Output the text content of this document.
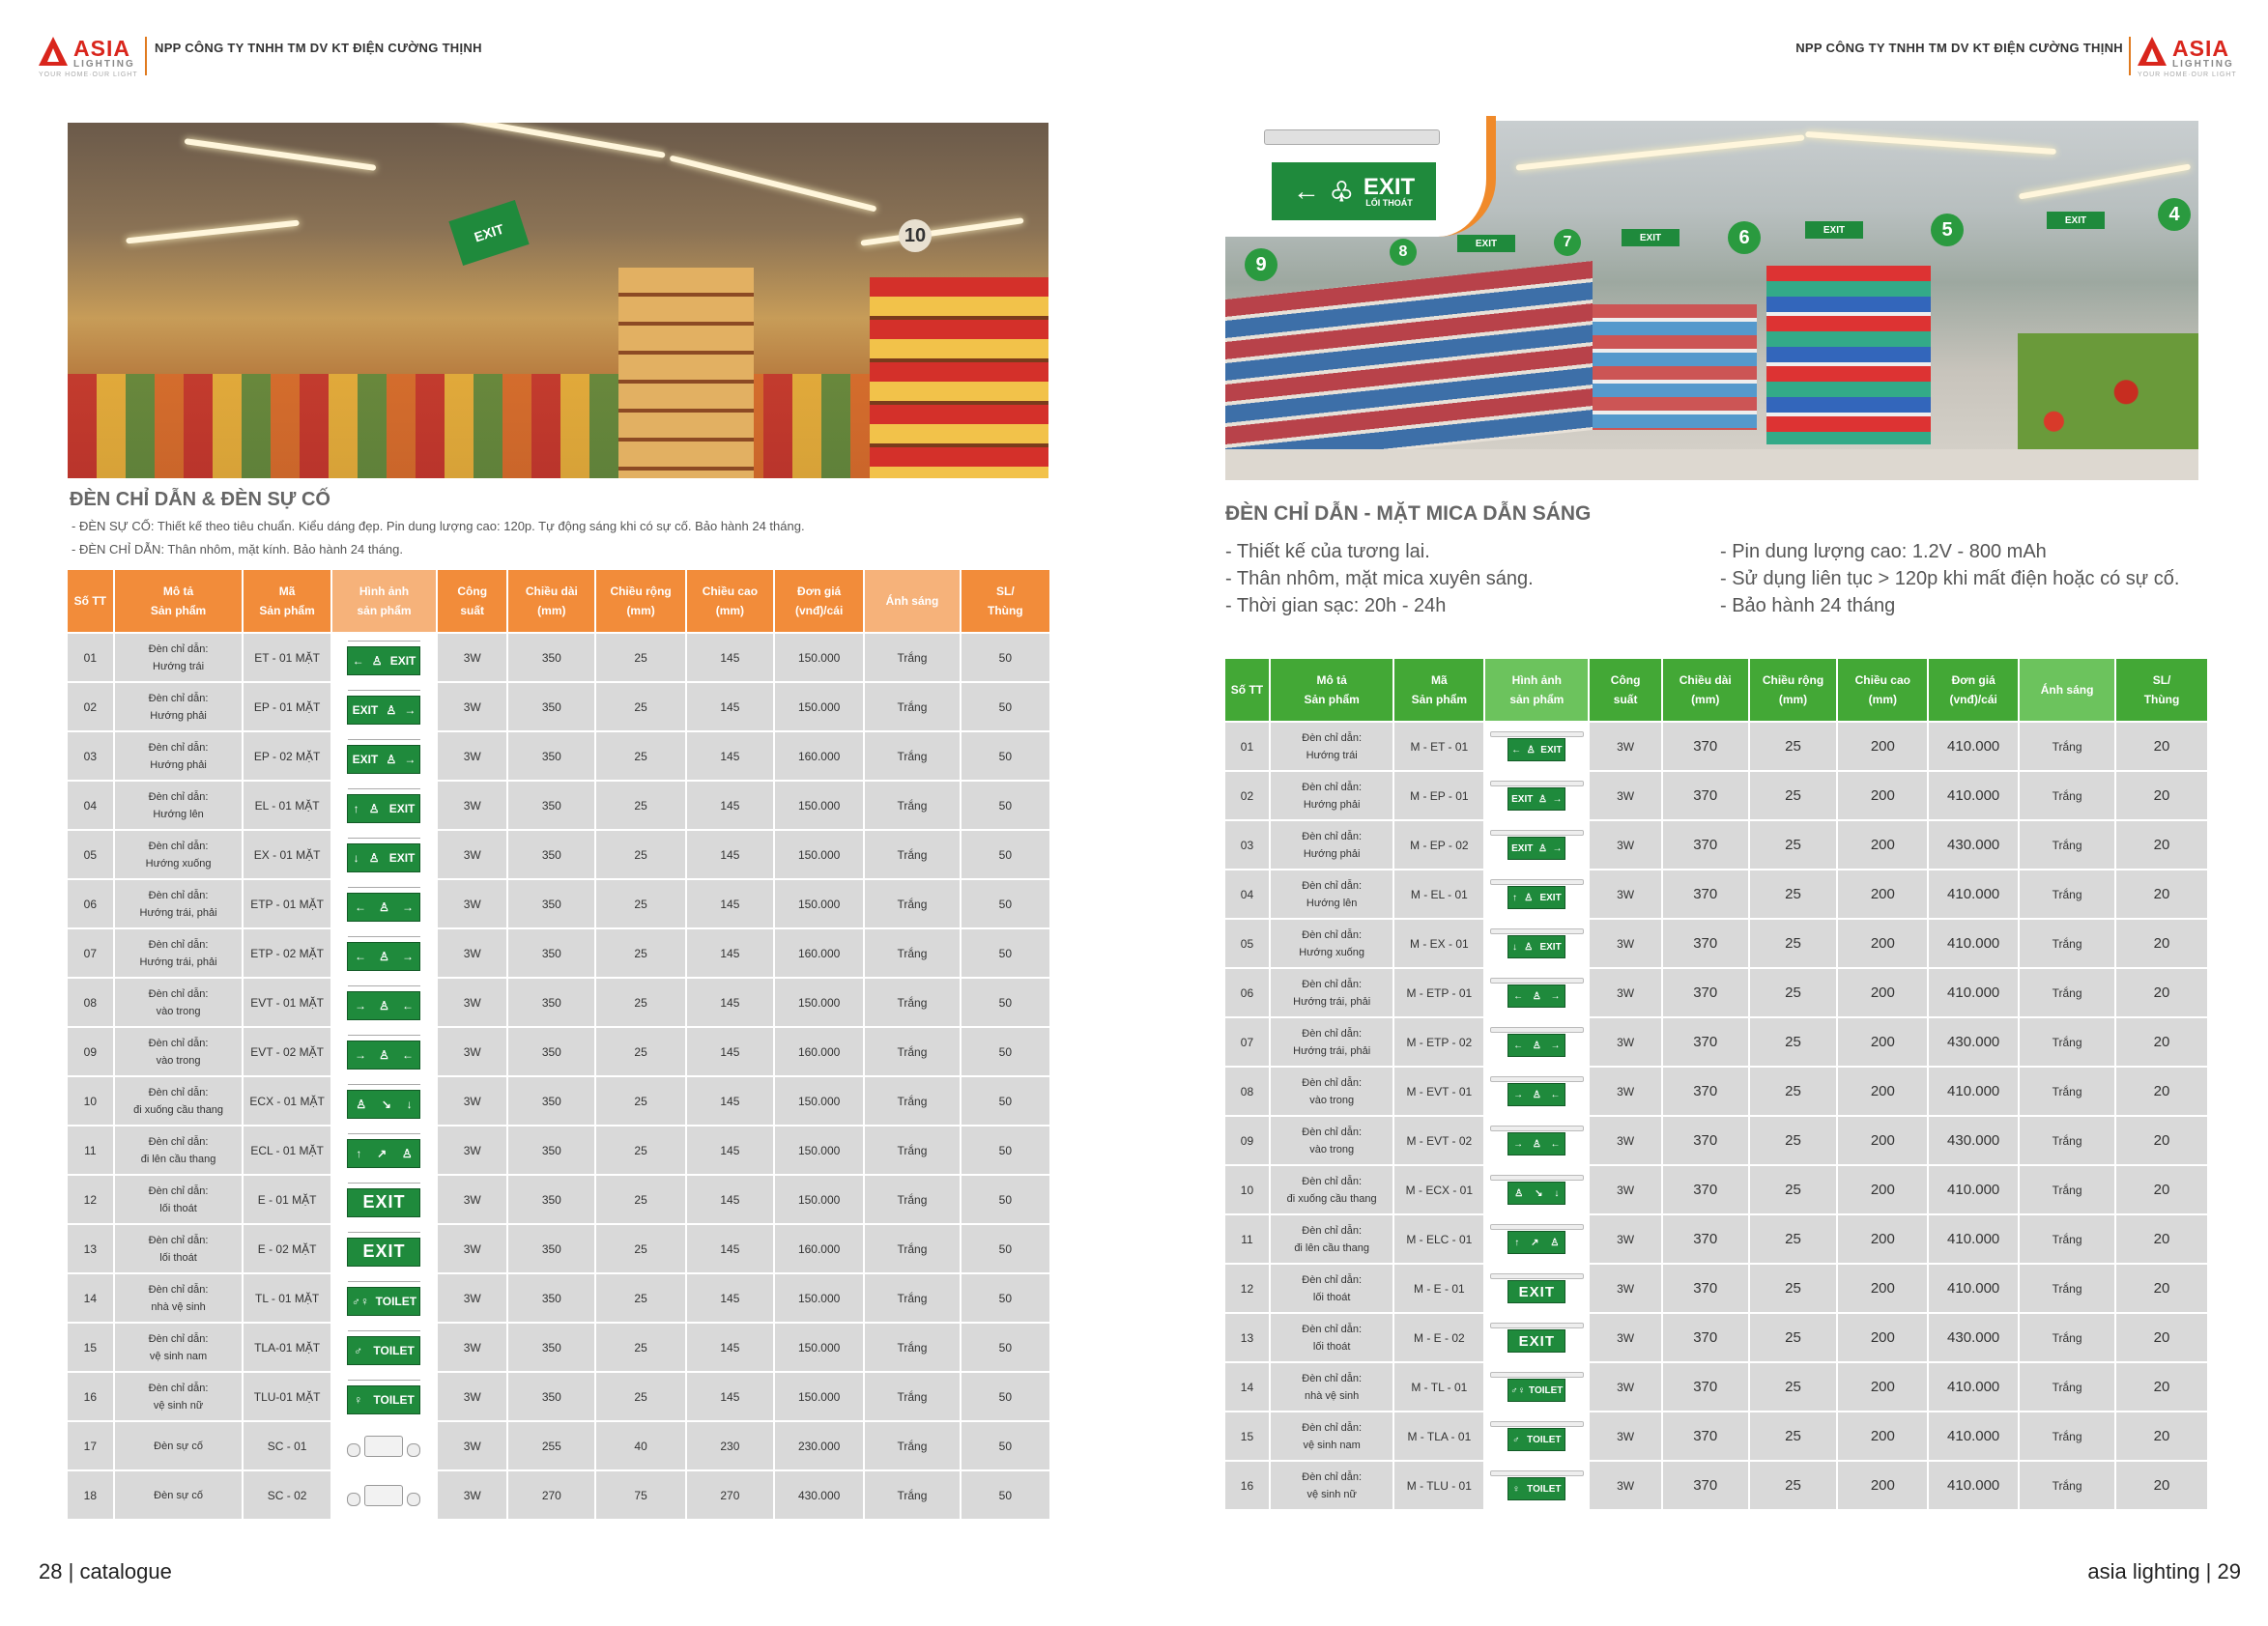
ASIA
LIGHTING
YOUR HOME·OUR LIGHT
NPP CÔNG TY TNHH TM DV KT ĐIỆN CƯỜNG THỊNH	NPP CÔNG TY TNHH TM DV KT ĐIỆN CƯỜNG THỊNH ASIA
LIGHTING
YOUR HOME·OUR LIGHT
EXIT	10
9
8
7	6	5
4
EXIT
EXIT
EXIT
EXIT
← ♧ EXIT
LỐI THOÁT
ĐÈN CHỈ DẪN & ĐÈN SỰ CỐ
- ĐÈN SỰ CỐ: Thiết kế theo tiêu chuẩn. Kiểu dáng đẹp. Pin dung lượng cao: 120p. Tự động sáng khi có sự cố. Bảo hành 24 tháng.
- ĐÈN CHỈ DẪN: Thân nhôm, mặt kính. Bảo hành 24 tháng.
Số TT	Mô tả
Sản phẩm	Mã
Sản phẩm	Hình ảnh
sản phẩm	Công
suất	Chiều dài
(mm)	Chiều rộng
(mm)	Chiều cao
(mm)	Đơn giá
(vnđ)/cái	Ánh sáng	SL/
Thùng
01	Đèn chỉ dẫn:
Hướng trái	ET - 01 MẶT	← ♙ EXIT	3W	350	25	145	150.000	Trắng	50
02	Đèn chỉ dẫn:
Hướng phải	EP - 01 MẶT	EXIT ♙ →	3W	350	25	145	150.000	Trắng	50
03	Đèn chỉ dẫn:
Hướng phải	EP - 02 MẶT	EXIT ♙ →	3W	350	25	145	160.000	Trắng	50
04	Đèn chỉ dẫn:
Hướng lên	EL - 01 MẶT	↑ ♙ EXIT	3W	350	25	145	150.000	Trắng	50
05	Đèn chỉ dẫn:
Hướng xuống	EX - 01 MẶT	↓ ♙ EXIT	3W	350	25	145	150.000	Trắng	50
06	Đèn chỉ dẫn:
Hướng trái, phải	ETP - 01 MẶT	← ♙ →	3W	350	25	145	150.000	Trắng	50
07	Đèn chỉ dẫn:
Hướng trái, phải	ETP - 02 MẶT	← ♙ →	3W	350	25	145	160.000	Trắng	50
08	Đèn chỉ dẫn:
vào trong	EVT - 01 MẶT	→ ♙ ←	3W	350	25	145	150.000	Trắng	50
09	Đèn chỉ dẫn:
vào trong	EVT - 02 MẶT	→ ♙ ←	3W	350	25	145	160.000	Trắng	50
10	Đèn chỉ dẫn:
đi xuống cầu thang	ECX - 01 MẶT	♙ ↘ ↓	3W	350	25	145	150.000	Trắng	50
11	Đèn chỉ dẫn:
đi lên cầu thang	ECL - 01 MẶT	↑ ↗ ♙	3W	350	25	145	150.000	Trắng	50
12	Đèn chỉ dẫn:
lối thoát	E - 01 MẶT	EXIT	3W	350	25	145	150.000	Trắng	50
13	Đèn chỉ dẫn:
lối thoát	E - 02 MẶT	EXIT	3W	350	25	145	160.000	Trắng	50
14	Đèn chỉ dẫn:
nhà vệ sinh	TL - 01 MẶT	♂♀ TOILET	3W	350	25	145	150.000	Trắng	50
15	Đèn chỉ dẫn:
vệ sinh nam	TLA-01 MẶT	♂ TOILET	3W	350	25	145	150.000	Trắng	50
16	Đèn chỉ dẫn:
vệ sinh nữ	TLU-01 MẶT	♀ TOILET	3W	350	25	145	150.000	Trắng	50
17	Đèn sự cố	SC - 01		3W	255	40	230	230.000	Trắng	50
18	Đèn sự cố	SC - 02		3W	270	75	270	430.000	Trắng	50
ĐÈN CHỈ DẪN - MẶT MICA DẪN SÁNG
- Thiết kế của tương lai.
- Thân nhôm, mặt mica xuyên sáng.
- Thời gian sạc: 20h - 24h
- Pin dung lượng cao: 1.2V - 800 mAh
- Sử dụng liên tục > 120p khi mất điện hoặc có sự cố.
- Bảo hành 24 tháng
Số TT	Mô tả
Sản phẩm	Mã
Sản phẩm	Hình ảnh
sản phẩm	Công
suất	Chiều dài
(mm)	Chiều rộng
(mm)	Chiều cao
(mm)	Đơn giá
(vnđ)/cái	Ánh sáng	SL/
Thùng
01	Đèn chỉ dẫn:
Hướng trái	M - ET - 01	← ♙ EXIT	3W	370	25	200	410.000	Trắng	20
02	Đèn chỉ dẫn:
Hướng phải	M - EP - 01	EXIT ♙ →	3W	370	25	200	410.000	Trắng	20
03	Đèn chỉ dẫn:
Hướng phải	M - EP - 02	EXIT ♙ →	3W	370	25	200	430.000	Trắng	20
04	Đèn chỉ dẫn:
Hướng lên	M - EL - 01	↑ ♙ EXIT	3W	370	25	200	410.000	Trắng	20
05	Đèn chỉ dẫn:
Hướng xuống	M - EX - 01	↓ ♙ EXIT	3W	370	25	200	410.000	Trắng	20
06	Đèn chỉ dẫn:
Hướng trái, phải	M - ETP - 01	← ♙ →	3W	370	25	200	410.000	Trắng	20
07	Đèn chỉ dẫn:
Hướng trái, phải	M - ETP - 02	← ♙ →	3W	370	25	200	430.000	Trắng	20
08	Đèn chỉ dẫn:
vào trong	M - EVT - 01	→ ♙ ←	3W	370	25	200	410.000	Trắng	20
09	Đèn chỉ dẫn:
vào trong	M - EVT - 02	→ ♙ ←	3W	370	25	200	430.000	Trắng	20
10	Đèn chỉ dẫn:
đi xuống cầu thang	M - ECX - 01	♙ ↘ ↓	3W	370	25	200	410.000	Trắng	20
11	Đèn chỉ dẫn:
đi lên cầu thang	M - ELC - 01	↑ ↗ ♙	3W	370	25	200	410.000	Trắng	20
12	Đèn chỉ dẫn:
lối thoát	M - E - 01	EXIT	3W	370	25	200	410.000	Trắng	20
13	Đèn chỉ dẫn:
lối thoát	M - E - 02	EXIT	3W	370	25	200	430.000	Trắng	20
14	Đèn chỉ dẫn:
nhà vệ sinh	M - TL - 01	♂♀ TOILET	3W	370	25	200	410.000	Trắng	20
15	Đèn chỉ dẫn:
vệ sinh nam	M - TLA - 01	♂ TOILET	3W	370	25	200	410.000	Trắng	20
16	Đèn chỉ dẫn:
vệ sinh nữ	M - TLU - 01	♀ TOILET	3W	370	25	200	410.000	Trắng	20
28 | catalogue	asia lighting | 29
